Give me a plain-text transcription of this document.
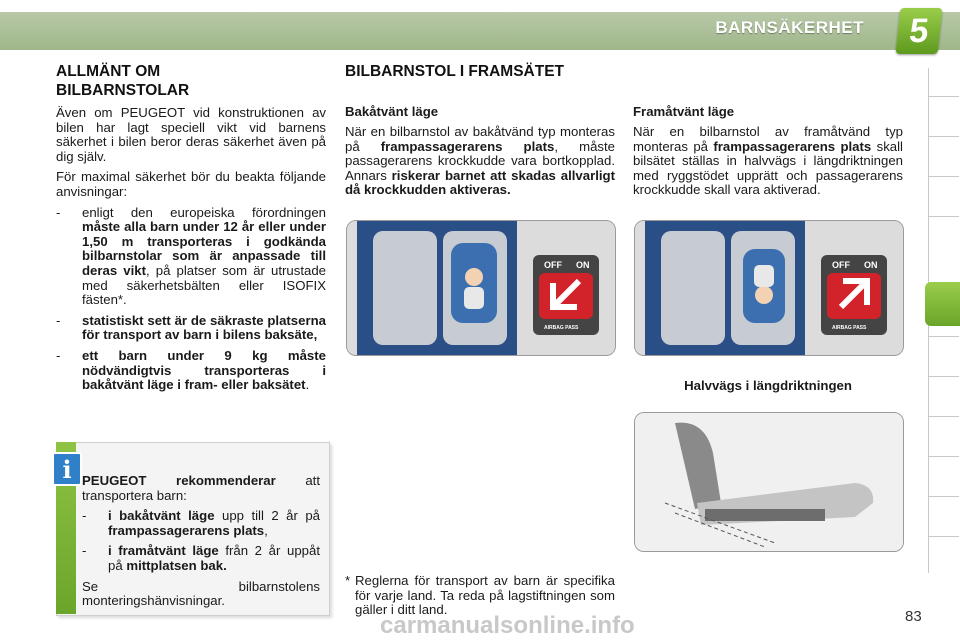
BARNSÄKERHET	5
ALLMÄNT OM
BILBARNSTOLAR

Även om PEUGEOT vid konstruktionen av bilen har lagt speciell vikt vid barnens säkerhet i bilen beror deras säkerhet även på dig själv.

För maximal säkerhet bör du beakta följande anvisningar:

-	enligt den europeiska förordningen måste alla barn under 12 år eller under 1,50 m transporteras i godkända bilbarnstolar som är anpassade till deras vikt, på platser som är utrustade med säkerhetsbälten eller ISOFIX fästen*.
-	statistiskt sett är de säkraste platserna för transport av barn i bilens baksäte,
-	ett barn under 9 kg måste nödvändigtvis transporteras i bakåtvänt läge i fram- eller baksätet.
i PEUGEOT rekommenderar att transportera barn:

-	i bakåtvänt läge upp till 2 år på frampassagerarens plats,
-	i framåtvänt läge från 2 år uppåt på mittplatsen bak.

Se bilbarnstolens monteringshänvisningar.

BILBARNSTOL I FRAMSÄTET
Bakåtvänt läge
När en bilbarnstol av bakåtvänd typ monteras på frampassagerarens plats, måste passagerarens krockkudde vara bortkopplad. Annars riskerar barnet att skadas allvarligt då krockkudden aktiveras.
OFF ON
AIRBAG PASS
Framåtvänt läge
När en bilbarnstol av framåtvänd typ monteras på frampassagerarens plats skall bilsätet ställas in halvvägs i längdriktningen med ryggstödet upprätt och passagerarens krockkudde skall vara aktiverad.
OFF ON
AIRBAG PASS
Halvvägs i längdriktningen
* Reglerna för transport av barn är specifika för varje land. Ta reda på lagstiftningen som gäller i ditt land.	83
carmanualsonline.info
